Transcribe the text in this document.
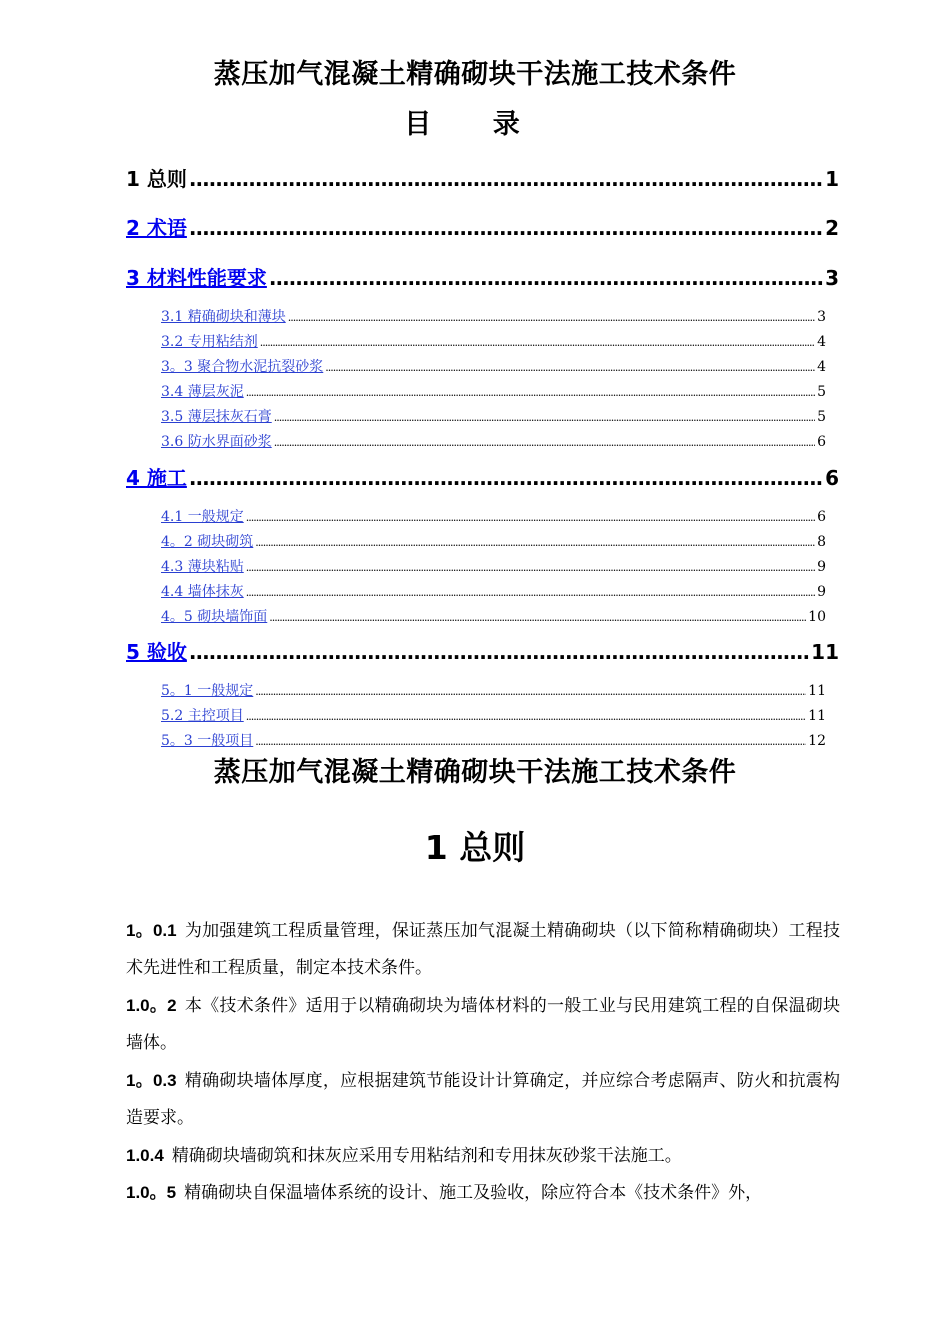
蒸压加气混凝土精确砌块干法施工技术条件
目 录
1 总则 .....	1
2 术语 .....	2
3 材料性能要求 .....	3
3.1 精确砌块和薄块 .....	3
3.2 专用粘结剂 .....	4
3。3 聚合物水泥抗裂砂浆 .....	4
3.4 薄层灰泥 .....	5
3.5 薄层抹灰石膏 .....	5
3.6 防水界面砂浆 .....	6
4 施工 .....	6
4.1 一般规定 .....	6
4。2 砌块砌筑 .....	8
4.3 薄块粘贴 .....	9
4.4 墙体抹灰 .....	9
4。5 砌块墙饰面 .....	10
5 验收 .....	11
5。1 一般规定 .....	11
5.2 主控项目 .....	11
5。3 一般项目 .....	12
蒸压加气混凝土精确砌块干法施工技术条件
1 总则
1。0.1 为加强建筑工程质量管理，保证蒸压加气混凝土精确砌块（以下简称精确砌块）工程技术先进性和工程质量，制定本技术条件。
1.0。2 本《技术条件》适用于以精确砌块为墙体材料的一般工业与民用建筑工程的自保温砌块墙体。
1。0.3 精确砌块墙体厚度，应根据建筑节能设计计算确定，并应综合考虑隔声、防火和抗震构造要求。
1.0.4 精确砌块墙砌筑和抹灰应采用专用粘结剂和专用抹灰砂浆干法施工。
1.0。5 精确砌块自保温墙体系统的设计、施工及验收，除应符合本《技术条件》外，
